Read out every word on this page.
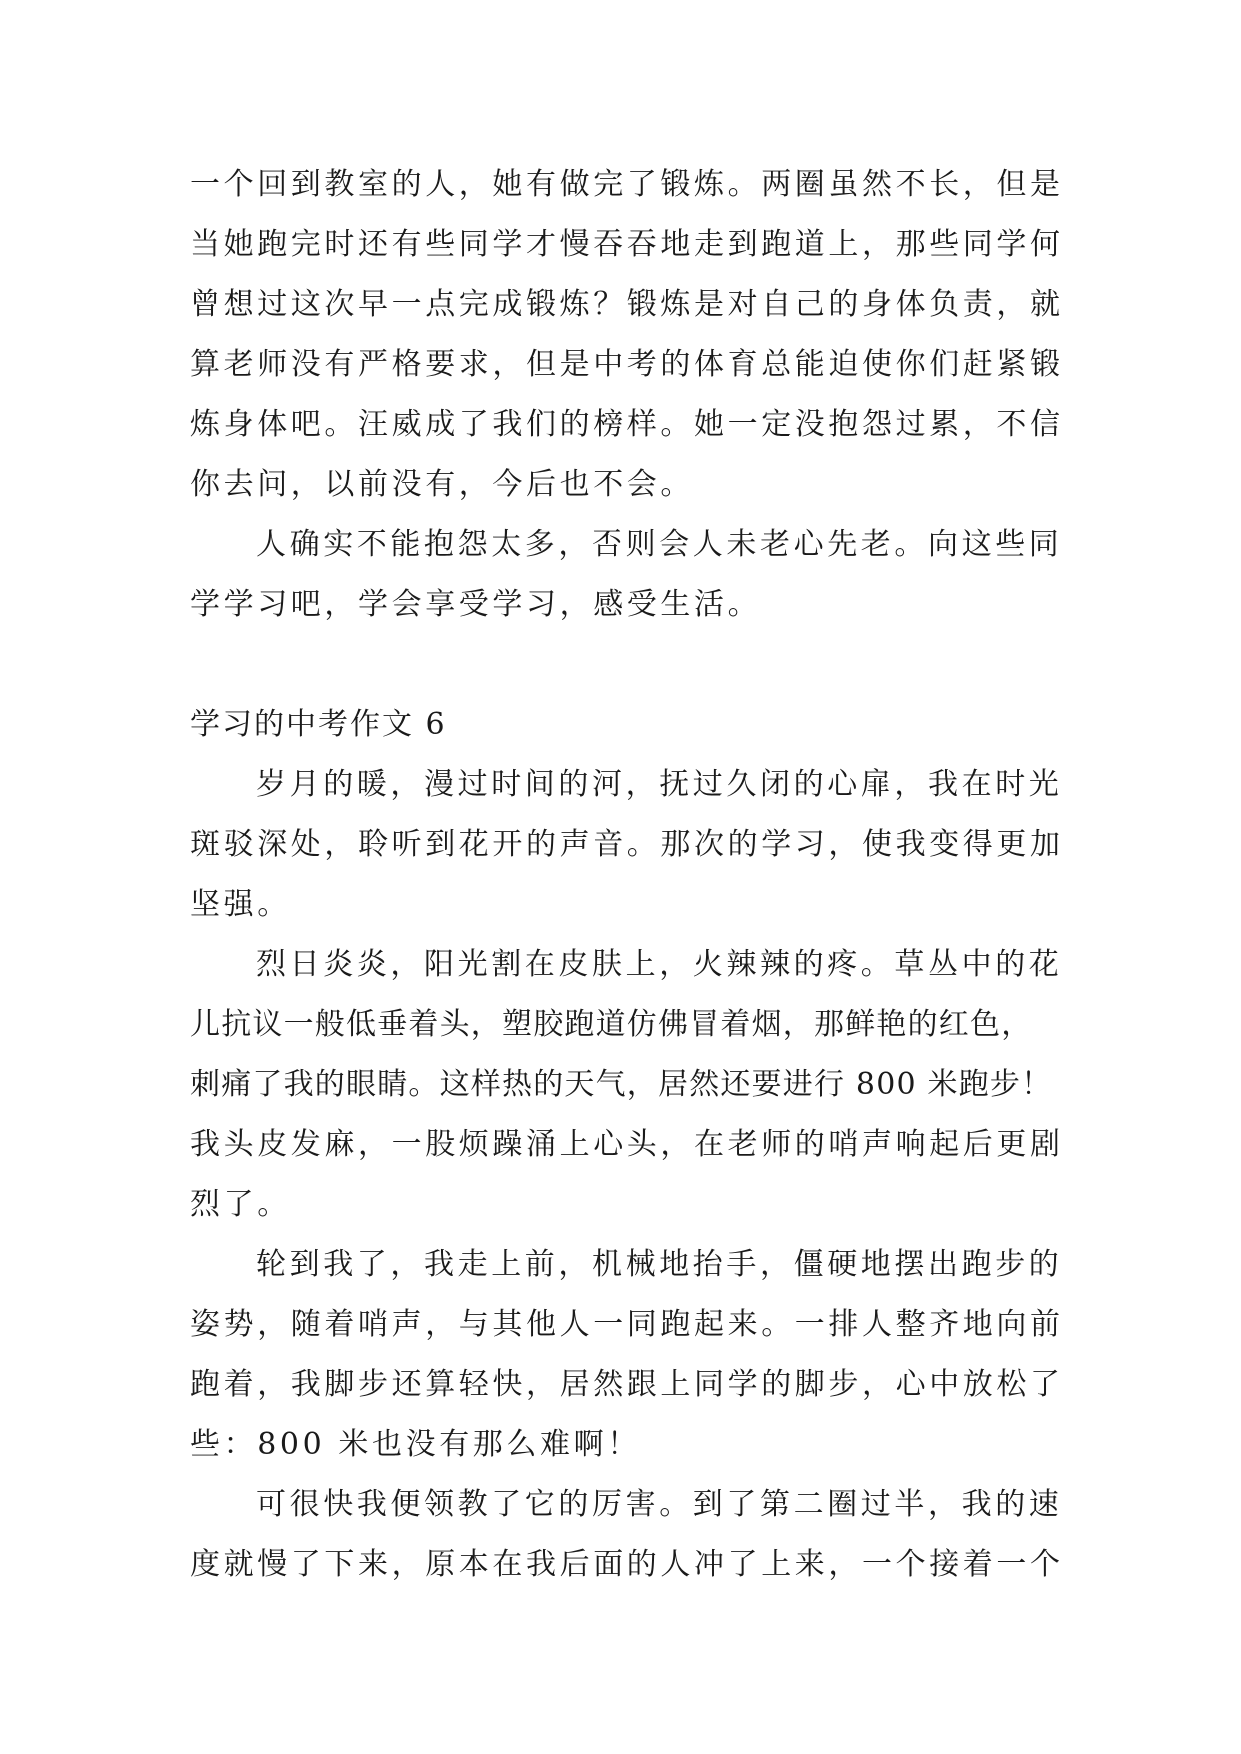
一个回到教室的人，她有做完了锻炼。两圈虽然不长，但是
当她跑完时还有些同学才慢吞吞地走到跑道上，那些同学何
曾想过这次早一点完成锻炼？锻炼是对自己的身体负责，就
算老师没有严格要求，但是中考的体育总能迫使你们赶紧锻
炼身体吧。汪威成了我们的榜样。她一定没抱怨过累，不信
你去问，以前没有，今后也不会。
人确实不能抱怨太多，否则会人未老心先老。向这些同
学学习吧，学会享受学习，感受生活。
学习的中考作文 6
岁月的暖，漫过时间的河，抚过久闭的心扉，我在时光
斑驳深处，聆听到花开的声音。那次的学习，使我变得更加
坚强。
烈日炎炎，阳光割在皮肤上，火辣辣的疼。草丛中的花
儿抗议一般低垂着头，塑胶跑道仿佛冒着烟，那鲜艳的红色，
刺痛了我的眼睛。这样热的天气，居然还要进行 800 米跑步！
我头皮发麻，一股烦躁涌上心头，在老师的哨声响起后更剧
烈了。
轮到我了，我走上前，机械地抬手，僵硬地摆出跑步的
姿势，随着哨声，与其他人一同跑起来。一排人整齐地向前
跑着，我脚步还算轻快，居然跟上同学的脚步，心中放松了
些：800 米也没有那么难啊！
可很快我便领教了它的厉害。到了第二圈过半，我的速
度就慢了下来，原本在我后面的人冲了上来，一个接着一个
